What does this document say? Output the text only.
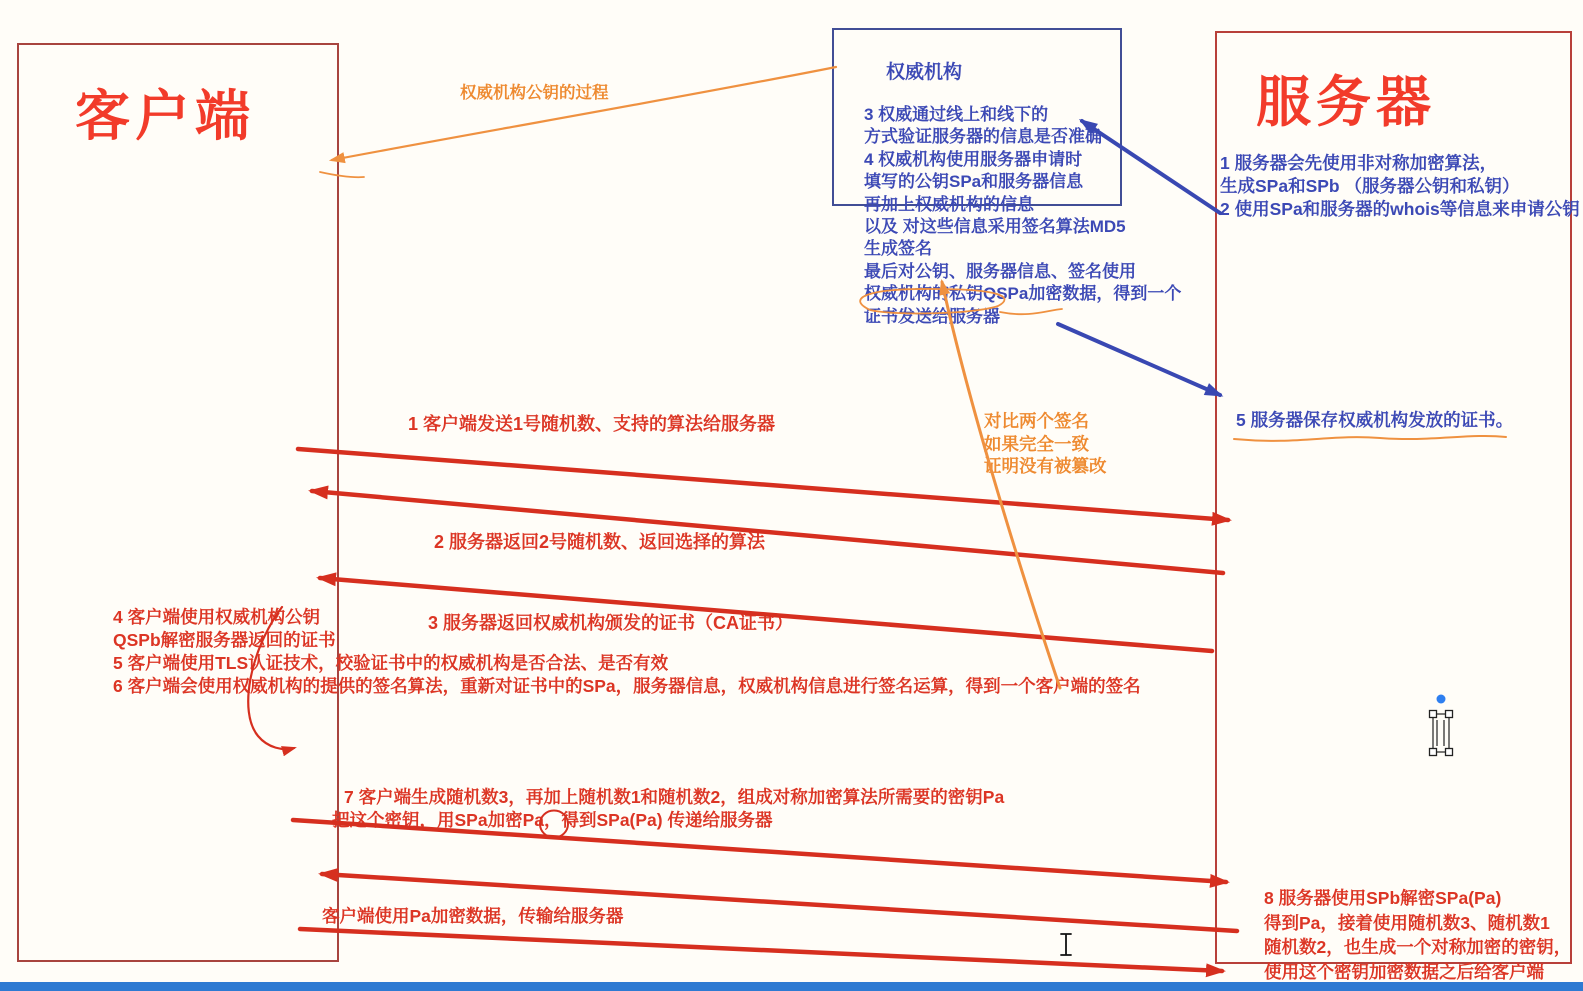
客户端	服务器
权威机构
3 权威通过线上和线下的
方式验证服务器的信息是否准确
4 权威机构使用服务器申请时
填写的公钥SPa和服务器信息
再加上权威机构的信息
以及 对这些信息采用签名算法MD5
生成签名
最后对公钥、服务器信息、签名使用
权威机构的私钥QSPa加密数据，得到一个
证书发送给服务器
1 服务器会先使用非对称加密算法，
生成SPa和SPb （服务器公钥和私钥）
2 使用SPa和服务器的whois等信息来申请公钥
权威机构公钥的过程
5 服务器保存权威机构发放的证书。
对比两个签名
如果完全一致
证明没有被篡改
1 客户端发送1号随机数、支持的算法给服务器
2 服务器返回2号随机数、返回选择的算法
3 服务器返回权威机构颁发的证书（CA证书）
4 客户端使用权威机构公钥
QSPb解密服务器返回的证书
5 客户端使用TLS认证技术，校验证书中的权威机构是否合法、是否有效
6 客户端会使用权威机构的提供的签名算法，重新对证书中的SPa，服务器信息，权威机构信息进行签名运算，得到一个客户端的签名
7 客户端生成随机数3，再加上随机数1和随机数2，组成对称加密算法所需要的密钥Pa
把这个密钥，用SPa加密Pa，得到SPa(Pa) 传递给服务器
客户端使用Pa加密数据，传输给服务器
8 服务器使用SPb解密SPa(Pa)
得到Pa，接着使用随机数3、随机数1
随机数2，也生成一个对称加密的密钥，
使用这个密钥加密数据之后给客户端
